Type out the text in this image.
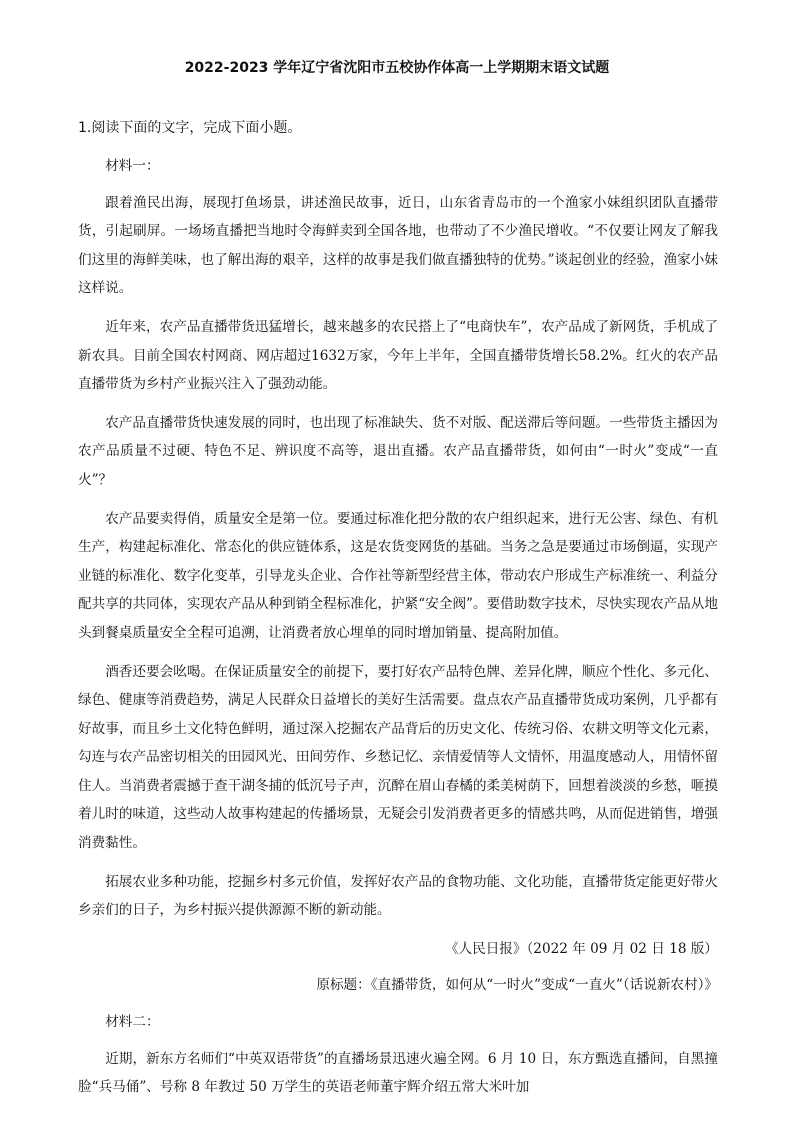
2022-2023 学年辽宁省沈阳市五校协作体高一上学期期末语文试题
1.阅读下面的文字，完成下面小题。

材料一：

跟着渔民出海，展现打鱼场景，讲述渔民故事，近日，山东省青岛市的一个渔家小妹组织团队直播带货，引起刷屏。一场场直播把当地时令海鲜卖到全国各地，也带动了不少渔民增收。“不仅要让网友了解我们这里的海鲜美味，也了解出海的艰辛，这样的故事是我们做直播独特的优势。”谈起创业的经验，渔家小妹这样说。

近年来，农产品直播带货迅猛增长，越来越多的农民搭上了“电商快车”，农产品成了新网货，手机成了新农具。目前全国农村网商、网店超过1632万家，今年上半年，全国直播带货增长58.2%。红火的农产品直播带货为乡村产业振兴注入了强劲动能。

农产品直播带货快速发展的同时，也出现了标准缺失、货不对版、配送滞后等问题。一些带货主播因为农产品质量不过硬、特色不足、辨识度不高等，退出直播。农产品直播带货，如何由“一时火”变成“一直火”？

农产品要卖得俏，质量安全是第一位。要通过标准化把分散的农户组织起来，进行无公害、绿色、有机生产，构建起标准化、常态化的供应链体系，这是农货变网货的基础。当务之急是要通过市场倒逼，实现产业链的标准化、数字化变革，引导龙头企业、合作社等新型经营主体，带动农户形成生产标准统一、利益分配共享的共同体，实现农产品从种到销全程标准化，护紧“安全阀”。要借助数字技术，尽快实现农产品从地头到餐桌质量安全全程可追溯，让消费者放心埋单的同时增加销量、提高附加值。

酒香还要会吆喝。在保证质量安全的前提下，要打好农产品特色牌、差异化牌，顺应个性化、多元化、绿色、健康等消费趋势，满足人民群众日益增长的美好生活需要。盘点农产品直播带货成功案例，几乎都有好故事，而且乡土文化特色鲜明，通过深入挖掘农产品背后的历史文化、传统习俗、农耕文明等文化元素，勾连与农产品密切相关的田园风光、田间劳作、乡愁记忆、亲情爱情等人文情怀，用温度感动人，用情怀留住人。当消费者震撼于查干湖冬捕的低沉号子声，沉醉在眉山春橘的柔美树荫下，回想着淡淡的乡愁，咂摸着儿时的味道，这些动人故事构建起的传播场景，无疑会引发消费者更多的情感共鸣，从而促进销售，增强消费黏性。

拓展农业多种功能，挖掘乡村多元价值，发挥好农产品的食物功能、文化功能，直播带货定能更好带火乡亲们的日子，为乡村振兴提供源源不断的新动能。

《人民日报》（2022 年 09 月 02 日 18 版）

原标题：《直播带货，如何从“一时火”变成“一直火”（话说新农村）》

材料二：

近期，新东方名师们“中英双语带货”的直播场景迅速火遍全网。6 月 10 日，东方甄选直播间，自黑撞脸“兵马俑”、号称 8 年教过 50 万学生的英语老师董宇辉介绍五常大米叶加
